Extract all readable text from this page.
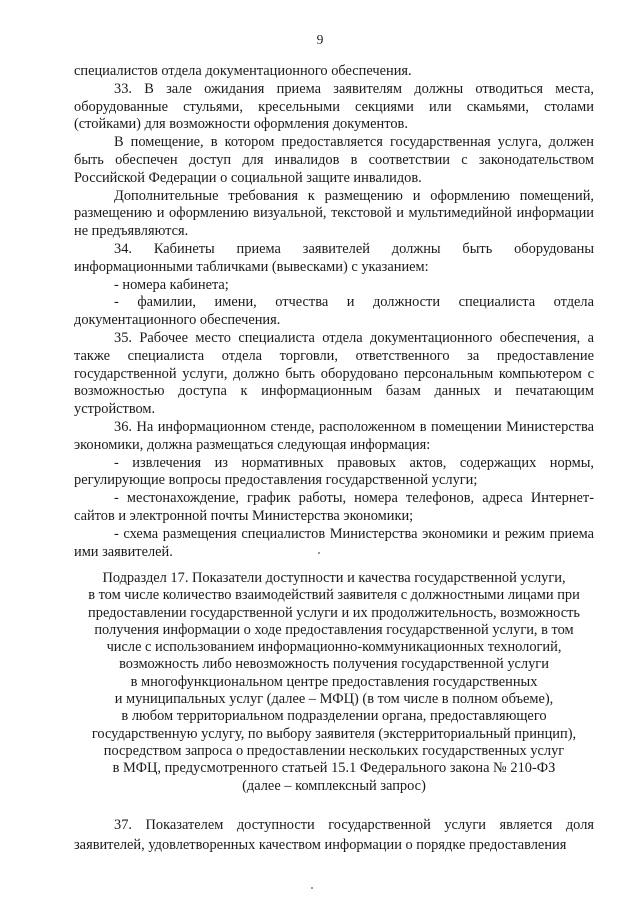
9

специалистов отдела документационного обеспечения.

33. В зале ожидания приема заявителям должны отводиться места, оборудованные стульями, кресельными секциями или скамьями, столами (стойками) для возможности оформления документов.

В помещение, в котором предоставляется государственная услуга, должен быть обеспечен доступ для инвалидов в соответствии с законодательством Российской Федерации о социальной защите инвалидов.

Дополнительные требования к размещению и оформлению помещений, размещению и оформлению визуальной, текстовой и мультимедийной информации не предъявляются.

34. Кабинеты приема заявителей должны быть оборудованы информационными табличками (вывесками) с указанием:

- номера кабинета;

- фамилии, имени, отчества и должности специалиста отдела документационного обеспечения.

35. Рабочее место специалиста отдела документационного обеспечения, а также специалиста отдела торговли, ответственного за предоставление государственной услуги, должно быть оборудовано персональным компьютером с возможностью доступа к информационным базам данных и печатающим устройством.

36. На информационном стенде, расположенном в помещении Министерства экономики, должна размещаться следующая информация:

- извлечения из нормативных правовых актов, содержащих нормы, регулирующие вопросы предоставления государственной услуги;

- местонахождение, график работы, номера телефонов, адреса Интернет-сайтов и электронной почты Министерства экономики;

- схема размещения специалистов Министерства экономики и режим приема ими заявителей.

Подраздел 17. Показатели доступности и качества государственной услуги,
в том числе количество взаимодействий заявителя с должностными лицами при
предоставлении государственной услуги и их продолжительность, возможность
получения информации о ходе предоставления государственной услуги, в том
числе с использованием информационно-коммуникационных технологий,
возможность либо невозможность получения государственной услуги
в многофункциональном центре предоставления государственных
и муниципальных услуг (далее – МФЦ) (в том числе в полном объеме),
в любом территориальном подразделении органа, предоставляющего
государственную услугу, по выбору заявителя (экстерриториальный принцип),
посредством запроса о предоставлении нескольких государственных услуг
в МФЦ, предусмотренного статьей 15.1 Федерального закона № 210-ФЗ
(далее – комплексный запрос)

37. Показателем доступности государственной услуги является доля заявителей, удовлетворенных качеством информации о порядке предоставления
